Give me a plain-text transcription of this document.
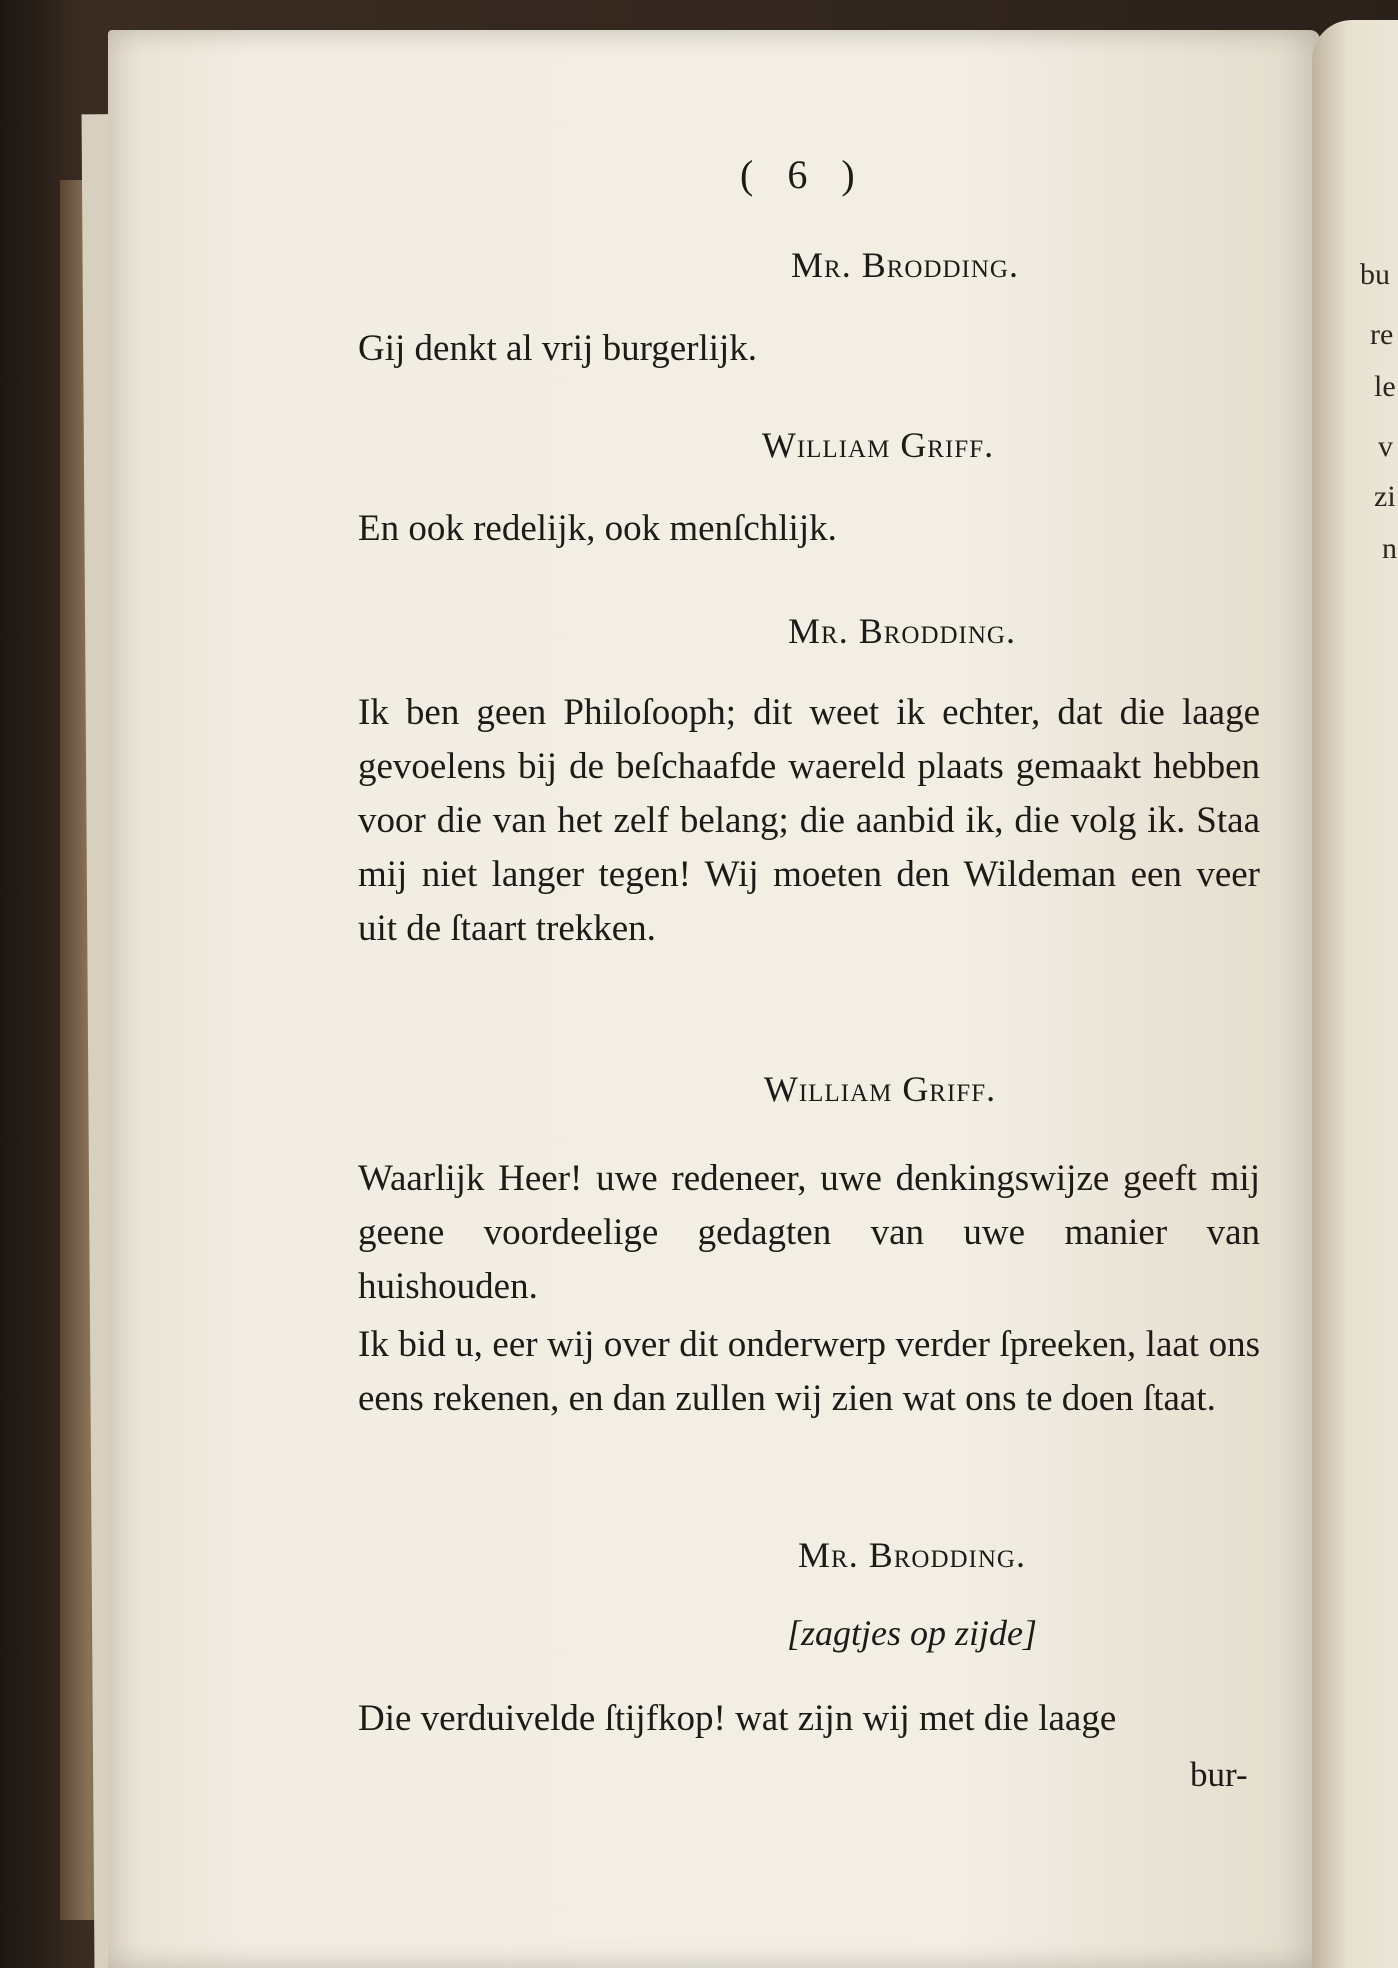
bu
re
le
v
zi
n
( 6 )
Mr. Brodding.
Gij denkt al vrij burgerlijk.
William Griff.
En ook redelijk, ook menſchlijk.
Mr. Brodding.
Ik ben geen Philoſooph; dit weet ik echter, dat die laage gevoelens bij de beſchaafde waereld plaats gemaakt hebben voor die van het zelf belang; die aanbid ik, die volg ik. Staa mij niet langer tegen! Wij moeten den Wildeman een veer uit de ſtaart trekken.
William Griff.
Waarlijk Heer! uwe redeneer, uwe denkingswijze geeft mij geene voordeelige gedagten van uwe manier van huishouden.
Ik bid u, eer wij over dit onderwerp verder ſpreeken, laat ons eens rekenen, en dan zullen wij zien wat ons te doen ſtaat.
Mr. Brodding.
[zagtjes op zijde]
Die verduivelde ſtijfkop! wat zijn wij met die laage
bur-
